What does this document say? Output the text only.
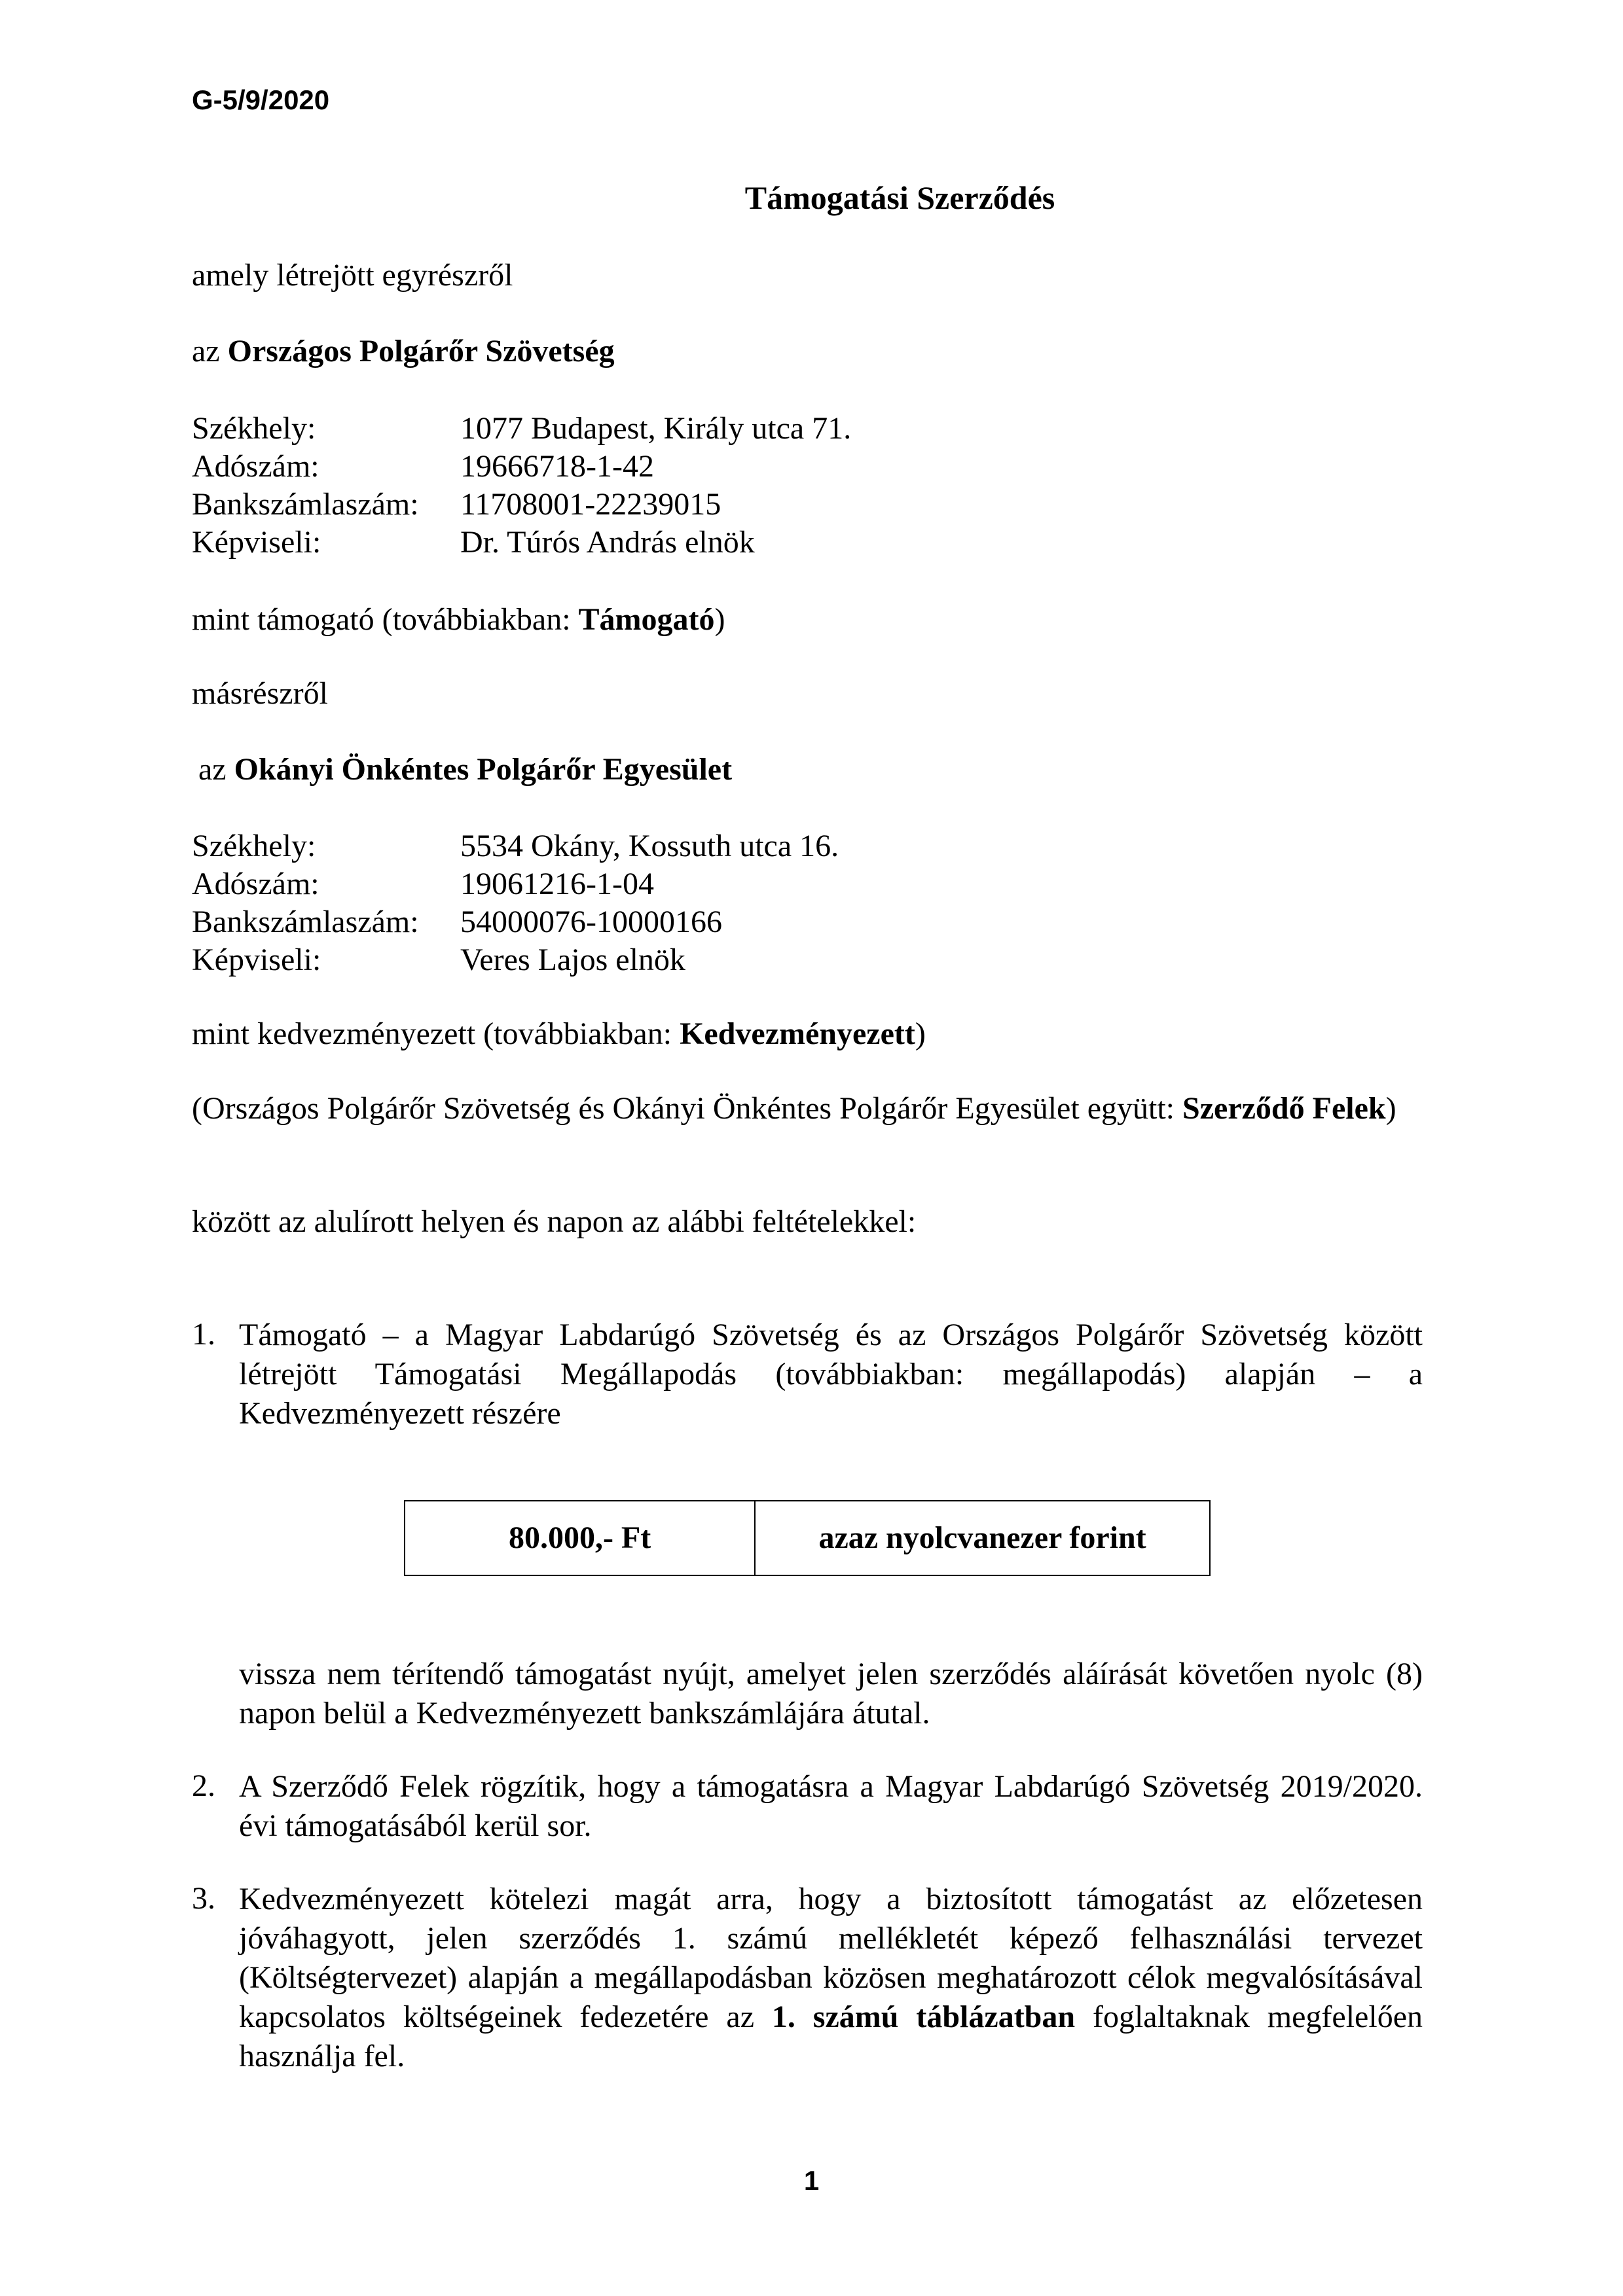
G-5/9/2020
Támogatási Szerződés
amely létrejött egyrészről
az Országos Polgárőr Szövetség
Székhely:	1077 Budapest, Király utca 71.
Adószám:	19666718-1-42
Bankszámlaszám:	11708001-22239015
Képviseli:	Dr. Túrós András elnök
mint támogató (továbbiakban: Támogató)
másrészről
az Okányi Önkéntes Polgárőr Egyesület
Székhely:	5534 Okány, Kossuth utca 16.
Adószám:	19061216-1-04
Bankszámlaszám:	54000076-10000166
Képviseli:	Veres Lajos elnök
mint kedvezményezett (továbbiakban: Kedvezményezett)
(Országos Polgárőr Szövetség és Okányi Önkéntes Polgárőr Egyesület együtt: Szerződő Felek)
között az alulírott helyen és napon az alábbi feltételekkel:
1. Támogató – a Magyar Labdarúgó Szövetség és az Országos Polgárőr Szövetség között létrejött Támogatási Megállapodás (továbbiakban: megállapodás) alapján – a Kedvezményezett részére
80.000,- Ft	azaz nyolcvanezer forint
vissza nem térítendő támogatást nyújt, amelyet jelen szerződés aláírását követően nyolc (8) napon belül a Kedvezményezett bankszámlájára átutal.
2. A Szerződő Felek rögzítik, hogy a támogatásra a Magyar Labdarúgó Szövetség 2019/2020. évi támogatásából kerül sor.
3. Kedvezményezett kötelezi magát arra, hogy a biztosított támogatást az előzetesen jóváhagyott, jelen szerződés 1. számú mellékletét képező felhasználási tervezet (Költségtervezet) alapján a megállapodásban közösen meghatározott célok megvalósításával kapcsolatos költségeinek fedezetére az 1. számú táblázatban foglaltaknak megfelelően használja fel.
1
